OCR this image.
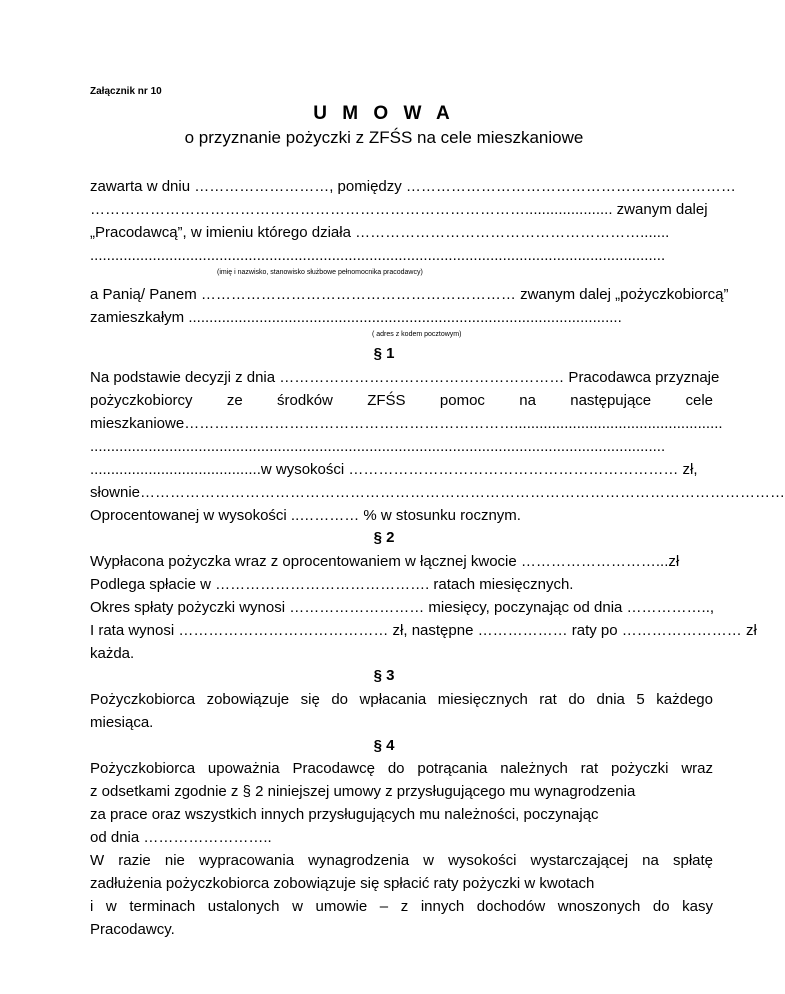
Załącznik nr 10
U M O W A
o przyznanie pożyczki z ZFŚS na cele mieszkaniowe
zawarta w dniu ………………………, pomiędzy …………………………………………………………
……………………………………………………………………………..................... zwanym dalej
„Pracodawcą”, w imieniu którego działa ………………………………………………….......
..........................................................................................................................................
(imię i nazwisko, stanowisko służbowe pełnomocnika pracodawcy)
a Panią/ Panem ……………………………………………………… zwanym dalej „pożyczkobiorcą”
zamieszkałym ........................................................................................................
( adres z kodem pocztowym)
§ 1
Na podstawie decyzji z dnia ………………………………………………… Pracodawca przyznaje
pożyczkobiorcy ze środków ZFŚS pomoc na następujące cele
mieszkaniowe…………………………………………………………..................................................
..........................................................................................................................................
.........................................w wysokości ………………………………………………………… zł,
słownie…………………………………………………………………………………………………………………
Oprocentowanej w wysokości ..………… % w stosunku rocznym.
§ 2
Wypłacona pożyczka wraz z oprocentowaniem w łącznej kwocie ………………………...zł
Podlega spłacie w ……………………………………. ratach miesięcznych.
Okres spłaty pożyczki wynosi ……………………… miesięcy, poczynając od dnia ……………..,
I rata wynosi …………………………………… zł, następne ……………… raty po …………………… zł
każda.
§ 3
Pożyczkobiorca zobowiązuje się do wpłacania miesięcznych rat do dnia 5 każdego
miesiąca.
§ 4
Pożyczkobiorca upoważnia Pracodawcę do potrącania należnych rat pożyczki wraz
z odsetkami zgodnie z § 2 niniejszej umowy z przysługującego mu wynagrodzenia
za prace oraz wszystkich innych przysługujących mu należności, poczynając
od dnia ……………………..
W razie nie wypracowania wynagrodzenia w wysokości wystarczającej na spłatę
zadłużenia pożyczkobiorca zobowiązuje się spłacić raty pożyczki w kwotach
i w terminach ustalonych w umowie – z innych dochodów wnoszonych do kasy
Pracodawcy.
